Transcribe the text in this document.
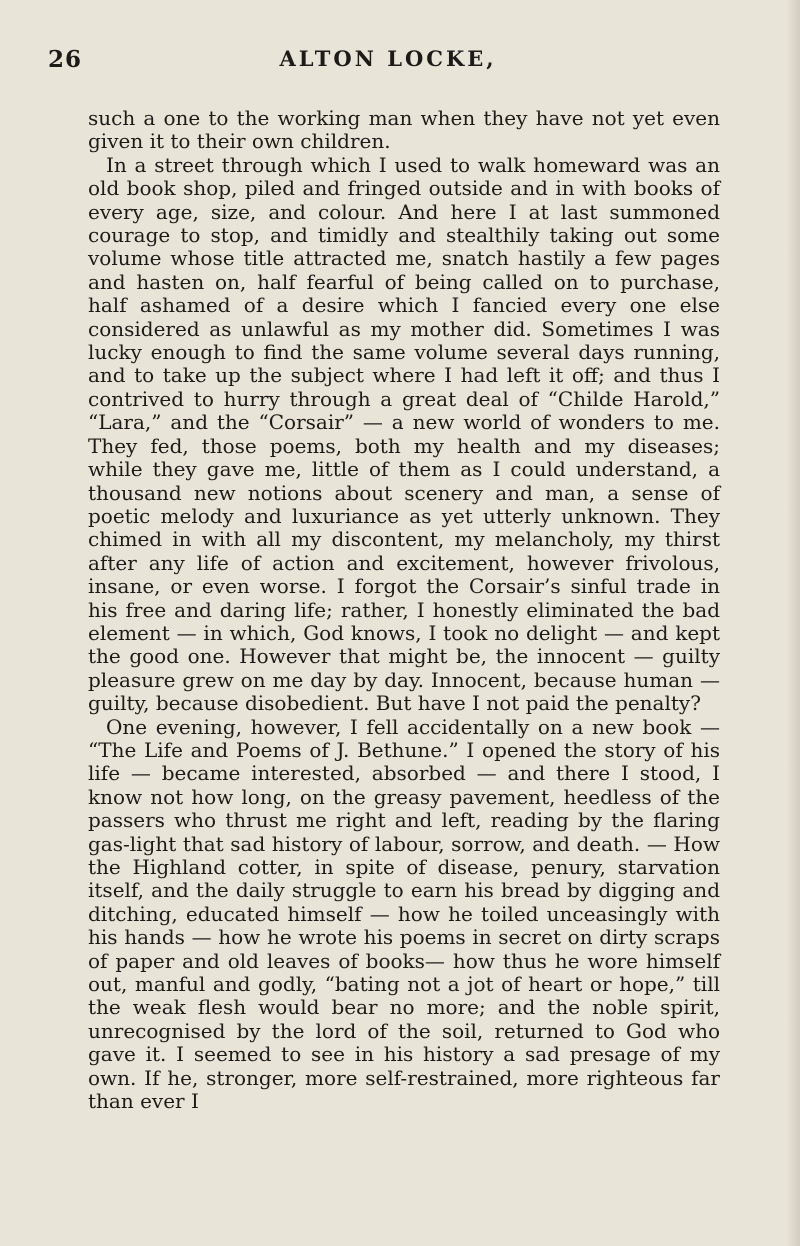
26	ALTON LOCKE,

such a one to the working man when they have not yet even given it to their own children.

In a street through which I used to walk homeward was an old book shop, piled and fringed outside and in with books of every age, size, and colour. And here I at last summoned courage to stop, and timidly and stealthily taking out some volume whose title attracted me, snatch hastily a few pages and hasten on, half fearful of being called on to purchase, half ashamed of a desire which I fancied every one else considered as unlawful as my mother did. Sometimes I was lucky enough to find the same volume several days running, and to take up the subject where I had left it off; and thus I contrived to hurry through a great deal of “Childe Harold,” “Lara,” and the “Corsair” — a new world of wonders to me. They fed, those poems, both my health and my diseases; while they gave me, little of them as I could understand, a thousand new notions about scenery and man, a sense of poetic melody and luxuriance as yet utterly unknown. They chimed in with all my discontent, my melancholy, my thirst after any life of action and excitement, however frivolous, insane, or even worse. I forgot the Corsair’s sinful trade in his free and daring life; rather, I honestly eliminated the bad element — in which, God knows, I took no delight — and kept the good one. However that might be, the innocent — guilty pleasure grew on me day by day. Innocent, because human — guilty, because disobedient. But have I not paid the penalty?

One evening, however, I fell accidentally on a new book — “The Life and Poems of J. Bethune.” I opened the story of his life — became interested, absorbed — and there I stood, I know not how long, on the greasy pavement, heedless of the passers who thrust me right and left, reading by the flaring gas-light that sad history of labour, sorrow, and death. — How the Highland cotter, in spite of disease, penury, starvation itself, and the daily struggle to earn his bread by digging and ditching, educated himself — how he toiled unceasingly with his hands — how he wrote his poems in secret on dirty scraps of paper and old leaves of books— how thus he wore himself out, manful and godly, “bating not a jot of heart or hope,” till the weak flesh would bear no more; and the noble spirit, unrecognised by the lord of the soil, returned to God who gave it. I seemed to see in his history a sad presage of my own. If he, stronger, more self-restrained, more righteous far than ever I
